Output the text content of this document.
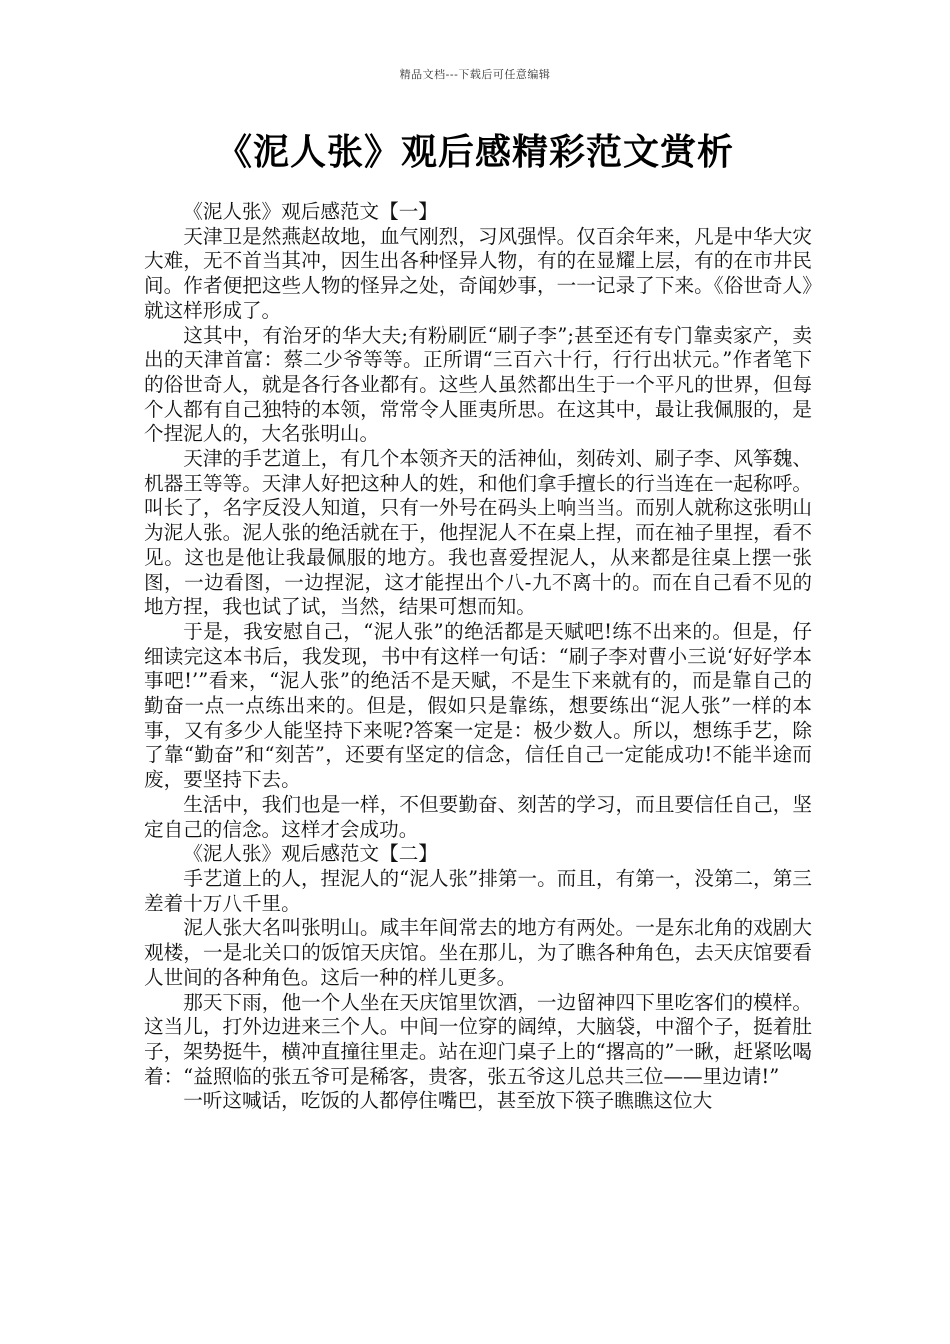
精品文档---下载后可任意编辑
《泥人张》观后感精彩范文赏析

《泥人张》观后感范文【一】

天津卫是然燕赵故地，血气刚烈，习风强悍。仅百余年来，凡是中华大灾大难，无不首当其冲，因生出各种怪异人物，有的在显耀上层，有的在市井民间。作者便把这些人物的怪异之处，奇闻妙事，一一记录了下来。《俗世奇人》就这样形成了。

这其中，有治牙的华大夫;有粉刷匠“刷子李”;甚至还有专门靠卖家产，卖出的天津首富：蔡二少爷等等。正所谓“三百六十行，行行出状元。”作者笔下的俗世奇人，就是各行各业都有。这些人虽然都出生于一个平凡的世界，但每个人都有自己独特的本领，常常令人匪夷所思。在这其中，最让我佩服的，是个捏泥人的，大名张明山。

天津的手艺道上，有几个本领齐天的活神仙，刻砖刘、刷子李、风筝魏、机器王等等。天津人好把这种人的姓，和他们拿手擅长的行当连在一起称呼。叫长了，名字反没人知道，只有一外号在码头上响当当。而别人就称这张明山为泥人张。泥人张的绝活就在于，他捏泥人不在桌上捏，而在袖子里捏，看不见。这也是他让我最佩服的地方。我也喜爱捏泥人，从来都是往桌上摆一张图，一边看图，一边捏泥，这才能捏出个八-九不离十的。而在自己看不见的地方捏，我也试了试，当然，结果可想而知。

于是，我安慰自己，“泥人张”的绝活都是天赋吧!练不出来的。但是，仔细读完这本书后，我发现，书中有这样一句话：“刷子李对曹小三说‘好好学本事吧!’”看来，“泥人张”的绝活不是天赋，不是生下来就有的，而是靠自己的勤奋一点一点练出来的。但是，假如只是靠练，想要练出“泥人张”一样的本事，又有多少人能坚持下来呢?答案一定是：极少数人。所以，想练手艺，除了靠“勤奋”和“刻苦”，还要有坚定的信念，信任自己一定能成功!不能半途而废，要坚持下去。

生活中，我们也是一样，不但要勤奋、刻苦的学习，而且要信任自己，坚定自己的信念。这样才会成功。

《泥人张》观后感范文【二】

手艺道上的人，捏泥人的“泥人张”排第一。而且，有第一，没第二，第三差着十万八千里。

泥人张大名叫张明山。咸丰年间常去的地方有两处。一是东北角的戏剧大观楼，一是北关口的饭馆天庆馆。坐在那儿，为了瞧各种角色，去天庆馆要看人世间的各种角色。这后一种的样儿更多。

那天下雨，他一个人坐在天庆馆里饮酒，一边留神四下里吃客们的模样。这当儿，打外边进来三个人。中间一位穿的阔绰，大脑袋，中溜个子，挺着肚子，架势挺牛，横冲直撞往里走。站在迎门桌子上的“撂高的”一瞅，赶紧吆喝着：“益照临的张五爷可是稀客，贵客，张五爷这儿总共三位——里边请!”

一听这喊话，吃饭的人都停住嘴巴，甚至放下筷子瞧瞧这位大
